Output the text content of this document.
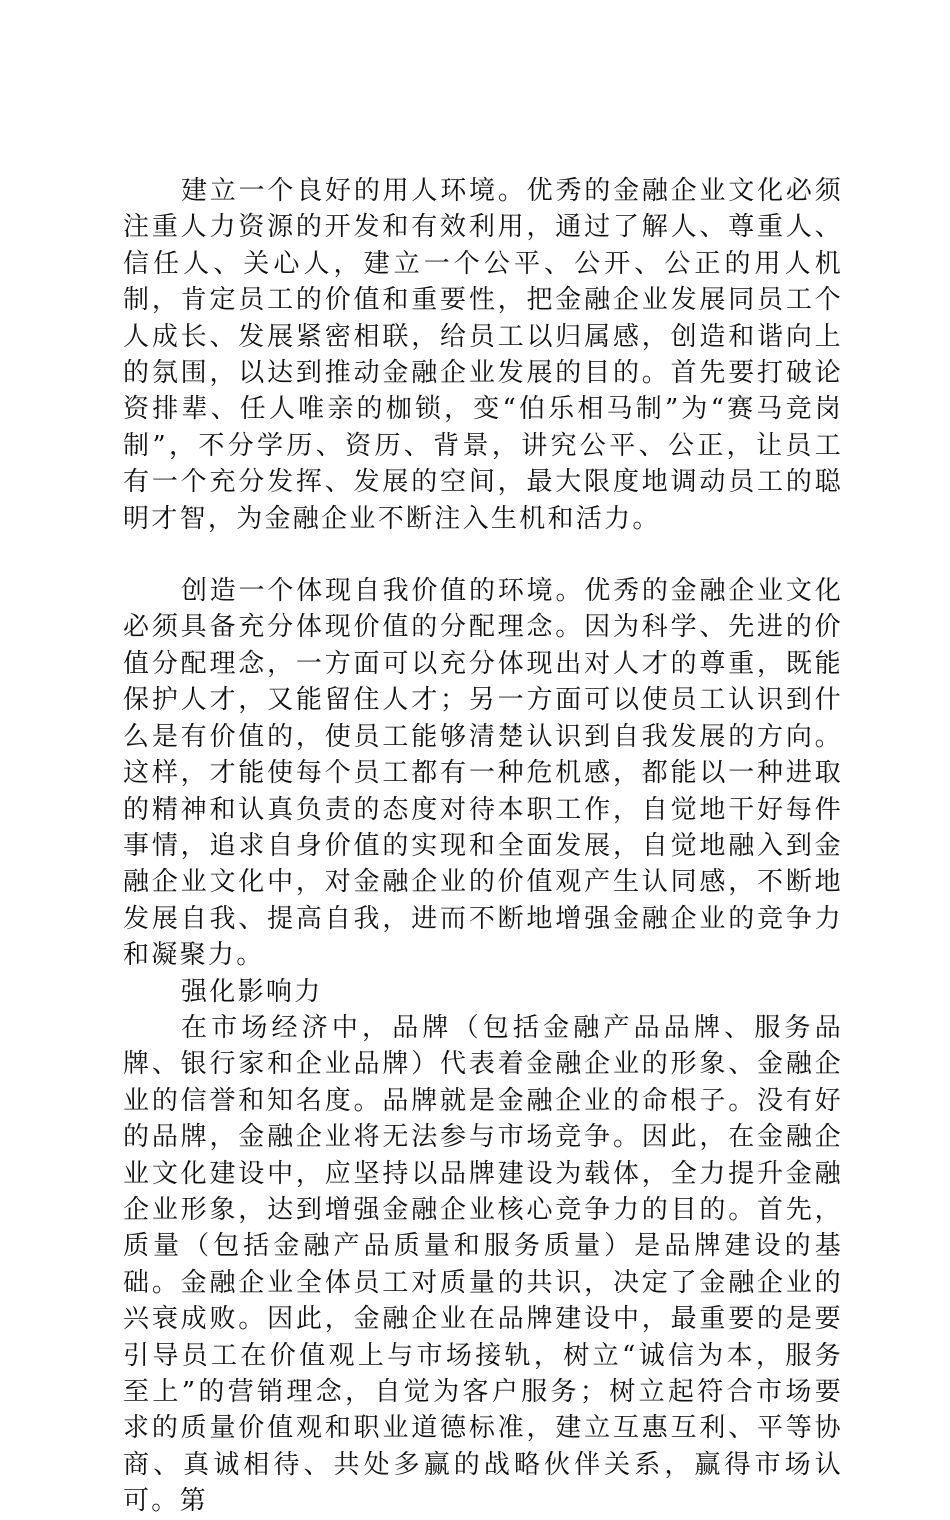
建立一个良好的用人环境。优秀的金融企业文化必须注重人力资源的开发和有效利用，通过了解人、尊重人、信任人、关心人，建立一个公平、公开、公正的用人机制，肯定员工的价值和重要性，把金融企业发展同员工个人成长、发展紧密相联，给员工以归属感，创造和谐向上的氛围，以达到推动金融企业发展的目的。首先要打破论资排辈、任人唯亲的枷锁，变“伯乐相马制”为“赛马竞岗制”，不分学历、资历、背景，讲究公平、公正，让员工有一个充分发挥、发展的空间，最大限度地调动员工的聪明才智，为金融企业不断注入生机和活力。

创造一个体现自我价值的环境。优秀的金融企业文化必须具备充分体现价值的分配理念。因为科学、先进的价值分配理念，一方面可以充分体现出对人才的尊重，既能保护人才，又能留住人才；另一方面可以使员工认识到什么是有价值的，使员工能够清楚认识到自我发展的方向。这样，才能使每个员工都有一种危机感，都能以一种进取的精神和认真负责的态度对待本职工作，自觉地干好每件事情，追求自身价值的实现和全面发展，自觉地融入到金融企业文化中，对金融企业的价值观产生认同感，不断地发展自我、提高自我，进而不断地增强金融企业的竞争力和凝聚力。

强化影响力

在市场经济中，品牌（包括金融产品品牌、服务品牌、银行家和企业品牌）代表着金融企业的形象、金融企业的信誉和知名度。品牌就是金融企业的命根子。没有好的品牌，金融企业将无法参与市场竞争。因此，在金融企业文化建设中，应坚持以品牌建设为载体，全力提升金融企业形象，达到增强金融企业核心竞争力的目的。首先，质量（包括金融产品质量和服务质量）是品牌建设的基础。金融企业全体员工对质量的共识，决定了金融企业的兴衰成败。因此，金融企业在品牌建设中，最重要的是要引导员工在价值观上与市场接轨，树立“诚信为本，服务至上”的营销理念，自觉为客户服务；树立起符合市场要求的质量价值观和职业道德标准，建立互惠互利、平等协商、真诚相待、共处多赢的战略伙伴关系，赢得市场认可。第
